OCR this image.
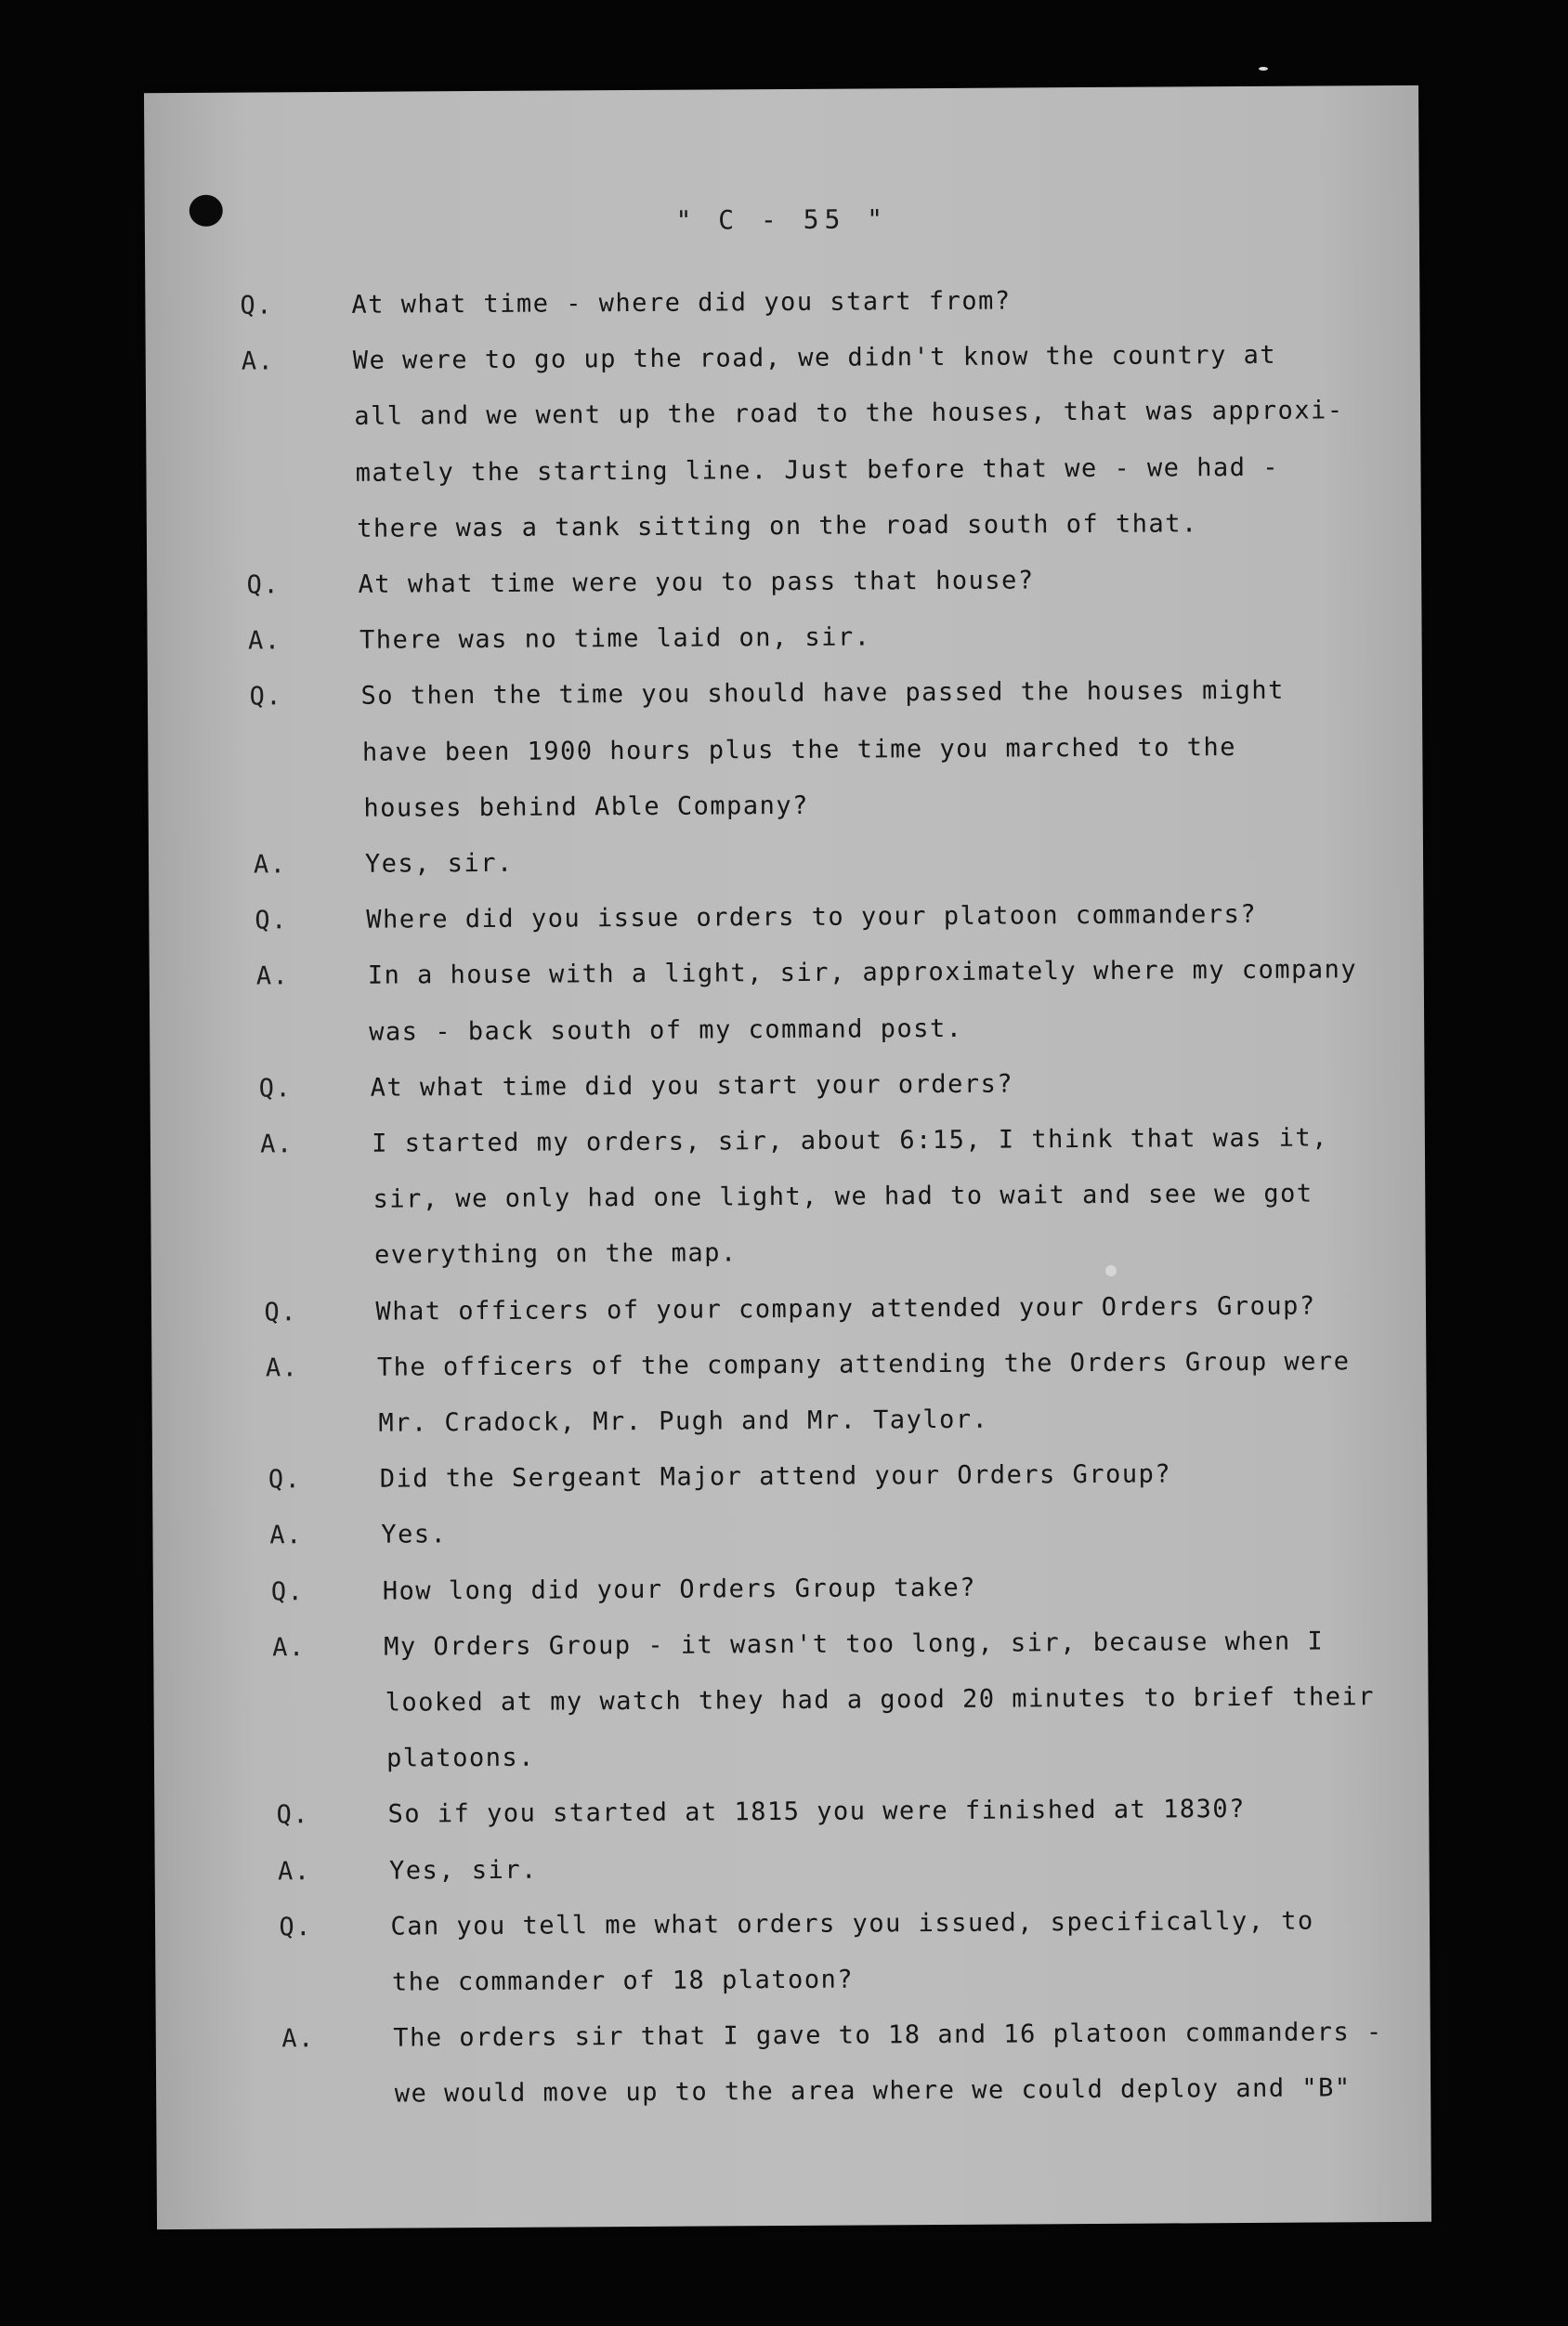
" C - 55 "
Q.	At what time - where did you start from?
A.	We were to go up the road, we didn't know the country at
all and we went up the road to the houses, that was approxi-
mately the starting line. Just before that we - we had -
there was a tank sitting on the road south of that.
Q.	At what time were you to pass that house?
A.	There was no time laid on, sir.
Q.	So then the time you should have passed the houses might
have been 1900 hours plus the time you marched to the
houses behind Able Company?
A.	Yes, sir.
Q.	Where did you issue orders to your platoon commanders?
A.	In a house with a light, sir, approximately where my company
was - back south of my command post.
Q.	At what time did you start your orders?
A.	I started my orders, sir, about 6:15, I think that was it,
sir, we only had one light, we had to wait and see we got
everything on the map.
Q.	What officers of your company attended your Orders Group?
A.	The officers of the company attending the Orders Group were
Mr. Cradock, Mr. Pugh and Mr. Taylor.
Q.	Did the Sergeant Major attend your Orders Group?
A.	Yes.
Q.	How long did your Orders Group take?
A.	My Orders Group - it wasn't too long, sir, because when I
looked at my watch they had a good 20 minutes to brief their
platoons.
Q.	So if you started at 1815 you were finished at 1830?
A.	Yes, sir.
Q.	Can you tell me what orders you issued, specifically, to
the commander of 18 platoon?
A.	The orders sir that I gave to 18 and 16 platoon commanders -
we would move up to the area where we could deploy and "B"
